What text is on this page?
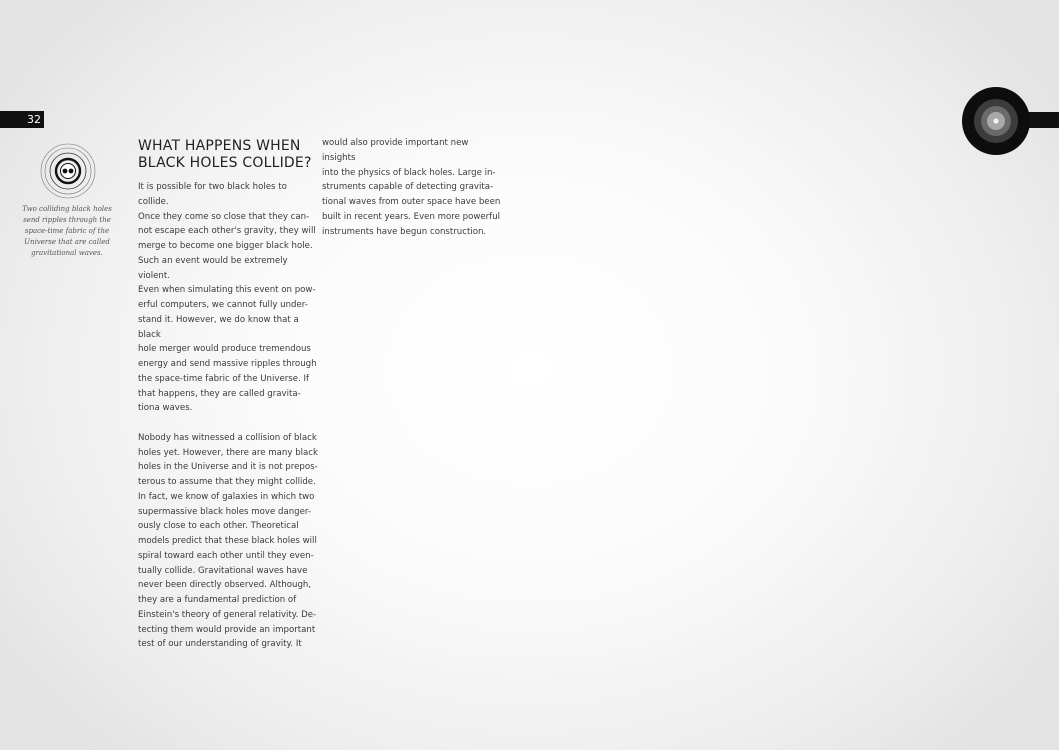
32
Two colliding black holes send ripples through the space-time fabric of the Universe that are called gravitational waves.
WHAT HAPPENS WHEN
BLACK HOLES COLLIDE?

It is possible for two black holes to collide.
Once they come so close that they can-
not escape each other's gravity, they will
merge to become one bigger black hole.
Such an event would be extremely violent.
Even when simulating this event on pow-
erful computers, we cannot fully under-
stand it. However, we do know that a black
hole merger would produce tremendous
energy and send massive ripples through
the space-time fabric of the Universe. If
that happens, they are called gravita-
tiona waves.

Nobody has witnessed a collision of black
holes yet. However, there are many black
holes in the Universe and it is not prepos-
terous to assume that they might collide.
In fact, we know of galaxies in which two
supermassive black holes move danger-
ously close to each other. Theoretical
models predict that these black holes will
spiral toward each other until they even-
tually collide. Gravitational waves have
never been directly observed. Although,
they are a fundamental prediction of
Einstein's theory of general relativity. De-
tecting them would provide an important
test of our understanding of gravity. It

would also provide important new insights
into the physics of black holes. Large in-
struments capable of detecting gravita-
tional waves from outer space have been
built in recent years. Even more powerful
instruments have begun construction.
